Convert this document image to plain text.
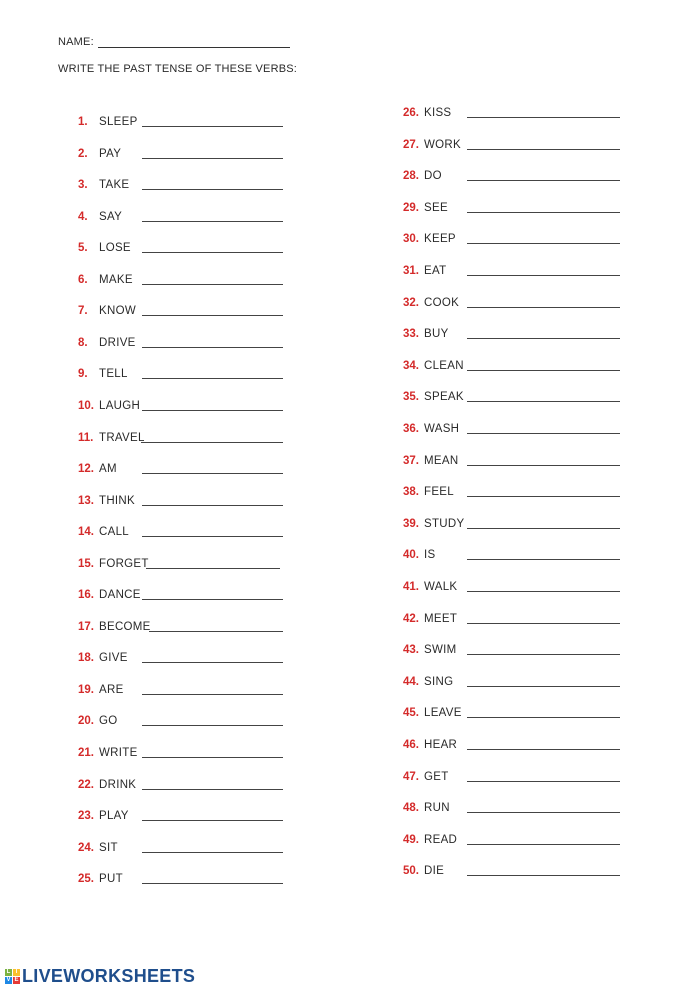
NAME:
WRITE THE PAST TENSE OF THESE VERBS:
1. SLEEP
2. PAY
3. TAKE
4. SAY
5. LOSE
6. MAKE
7. KNOW
8. DRIVE
9. TELL
10. LAUGH
11. TRAVEL
12. AM
13. THINK
14. CALL
15. FORGET
16. DANCE
17. BECOME
18. GIVE
19. ARE
20. GO
21. WRITE
22. DRINK
23. PLAY
24. SIT
25. PUT
26. KISS
27. WORK
28. DO
29. SEE
30. KEEP
31. EAT
32. COOK
33. BUY
34. CLEAN
35. SPEAK
36. WASH
37. MEAN
38. FEEL
39. STUDY
40. IS
41. WALK
42. MEET
43. SWIM
44. SING
45. LEAVE
46. HEAR
47. GET
48. RUN
49. READ
50. DIE
L I
V E LIVEWORKSHEETS
